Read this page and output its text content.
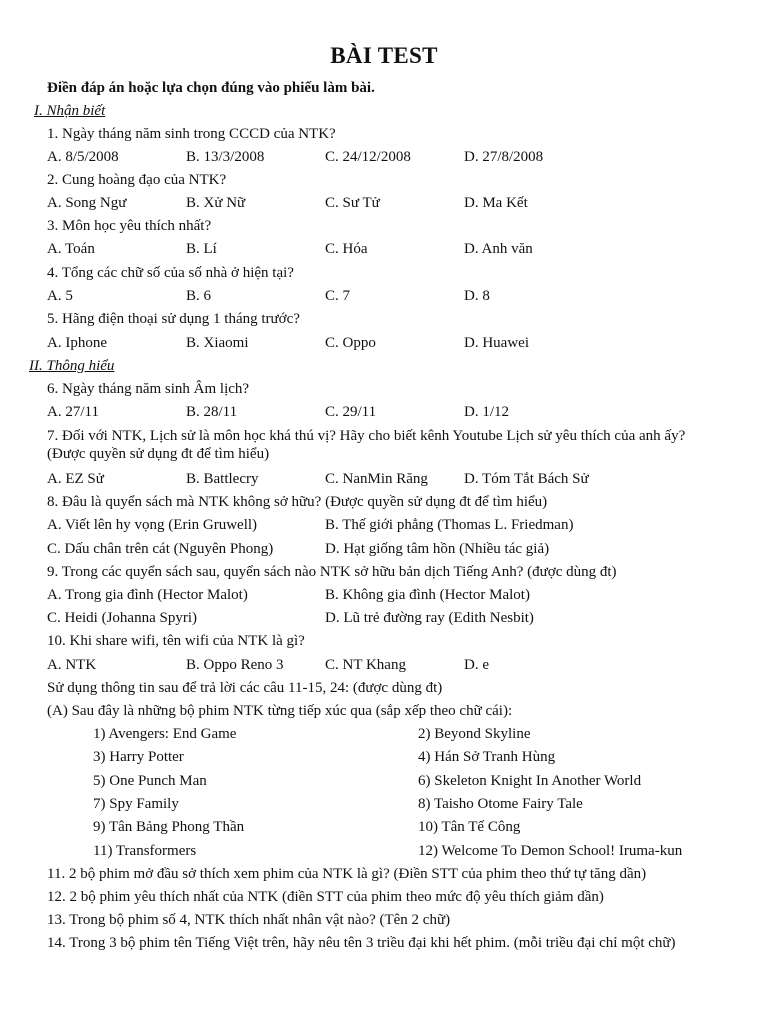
BÀI TEST
Điền đáp án hoặc lựa chọn đúng vào phiếu làm bài.
I. Nhận biết
1. Ngày tháng năm sinh trong CCCD của NTK?
A. 8/5/2008	B. 13/3/2008	C. 24/12/2008	D. 27/8/2008
2. Cung hoàng đạo của NTK?
A. Song Ngư	B. Xử Nữ	C. Sư Tử	D. Ma Kết
3. Môn học yêu thích nhất?
A. Toán	B. Lí	C. Hóa	D. Anh văn
4. Tổng các chữ số của số nhà ở hiện tại?
A. 5	B. 6	C. 7	D. 8
5. Hãng điện thoại sử dụng 1 tháng trước?
A. Iphone	B. Xiaomi	C. Oppo	D. Huawei
II. Thông hiểu
6. Ngày tháng năm sinh Âm lịch?
A. 27/11	B. 28/11	C. 29/11	D. 1/12
7. Đối với NTK, Lịch sử là môn học khá thú vị? Hãy cho biết kênh Youtube Lịch sử yêu thích của anh ấy? (Được quyền sử dụng đt để tìm hiểu)
A. EZ Sử	B. Battlecry	C. NanMin Răng D. Tóm Tắt Bách Sử
8. Đâu là quyển sách mà NTK không sở hữu? (Được quyền sử dụng đt để tìm hiểu)
A. Viết lên hy vọng (Erin Gruwell)	B. Thế giới phẳng (Thomas L. Friedman)
C. Dấu chân trên cát (Nguyên Phong)	D. Hạt giống tâm hồn (Nhiều tác giả)
9. Trong các quyển sách sau, quyển sách nào NTK sở hữu bản dịch Tiếng Anh? (được dùng đt)
A. Trong gia đình (Hector Malot)	B. Không gia đình (Hector Malot)
C. Heidi (Johanna Spyri)	D. Lũ trẻ đường ray (Edith Nesbit)
10. Khi share wifi, tên wifi của NTK là gì?
A. NTK	B. Oppo Reno 3	C. NT Khang	D. e
Sử dụng thông tin sau để trả lời các câu 11-15, 24: (được dùng đt)
(A) Sau đây là những bộ phim NTK từng tiếp xúc qua (sắp xếp theo chữ cái):
1) Avengers: End Game	2) Beyond Skyline
3) Harry Potter	4) Hán Sở Tranh Hùng
5) One Punch Man	6) Skeleton Knight In Another World
7) Spy Family	8) Taisho Otome Fairy Tale
9) Tân Bảng Phong Thần	10) Tân Tế Công
11) Transformers	12) Welcome To Demon School! Iruma-kun
11. 2 bộ phim mở đầu sở thích xem phim của NTK là gì? (Điền STT của phim theo thứ tự tăng dần)
12. 2 bộ phim yêu thích nhất của NTK (điền STT của phim theo mức độ yêu thích giảm dần)
13. Trong bộ phim số 4, NTK thích nhất nhân vật nào? (Tên 2 chữ)
14. Trong 3 bộ phim tên Tiếng Việt trên, hãy nêu tên 3 triều đại khi hết phim. (mỗi triều đại chỉ một chữ)
